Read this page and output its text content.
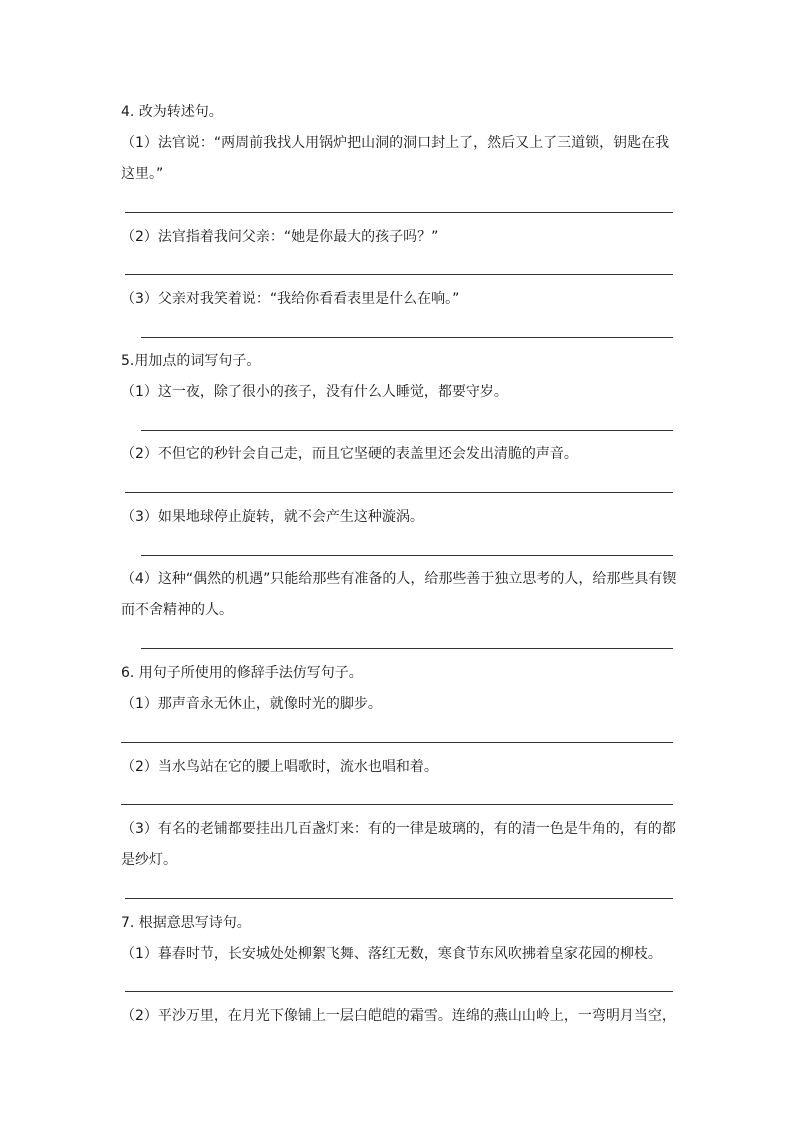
4. 改为转述句。

（1）法官说：“两周前我找人用锅炉把山洞的洞口封上了，然后又上了三道锁，钥匙在我这里。”

（2）法官指着我问父亲：“她是你最大的孩子吗？”

（3）父亲对我笑着说：“我给你看看表里是什么在响。”

5.用加点的词写句子。

（1）这一夜，除了很小的孩子，没有什么人睡觉，都要守岁。

（2）不但它的秒针会自己走，而且它坚硬的表盖里还会发出清脆的声音。

（3）如果地球停止旋转，就不会产生这种漩涡。

（4）这种“偶然的机遇”只能给那些有准备的人，给那些善于独立思考的人，给那些具有锲而不舍精神的人。

6. 用句子所使用的修辞手法仿写句子。

（1）那声音永无休止，就像时光的脚步。

（2）当水鸟站在它的腰上唱歌时，流水也唱和着。

（3）有名的老铺都要挂出几百盏灯来：有的一律是玻璃的，有的清一色是牛角的，有的都是纱灯。

7. 根据意思写诗句。

（1）暮春时节，长安城处处柳絮飞舞、落红无数，寒食节东风吹拂着皇家花园的柳枝。

（2）平沙万里，在月光下像铺上一层白皑皑的霜雪。连绵的燕山山岭上，一弯明月当空，
